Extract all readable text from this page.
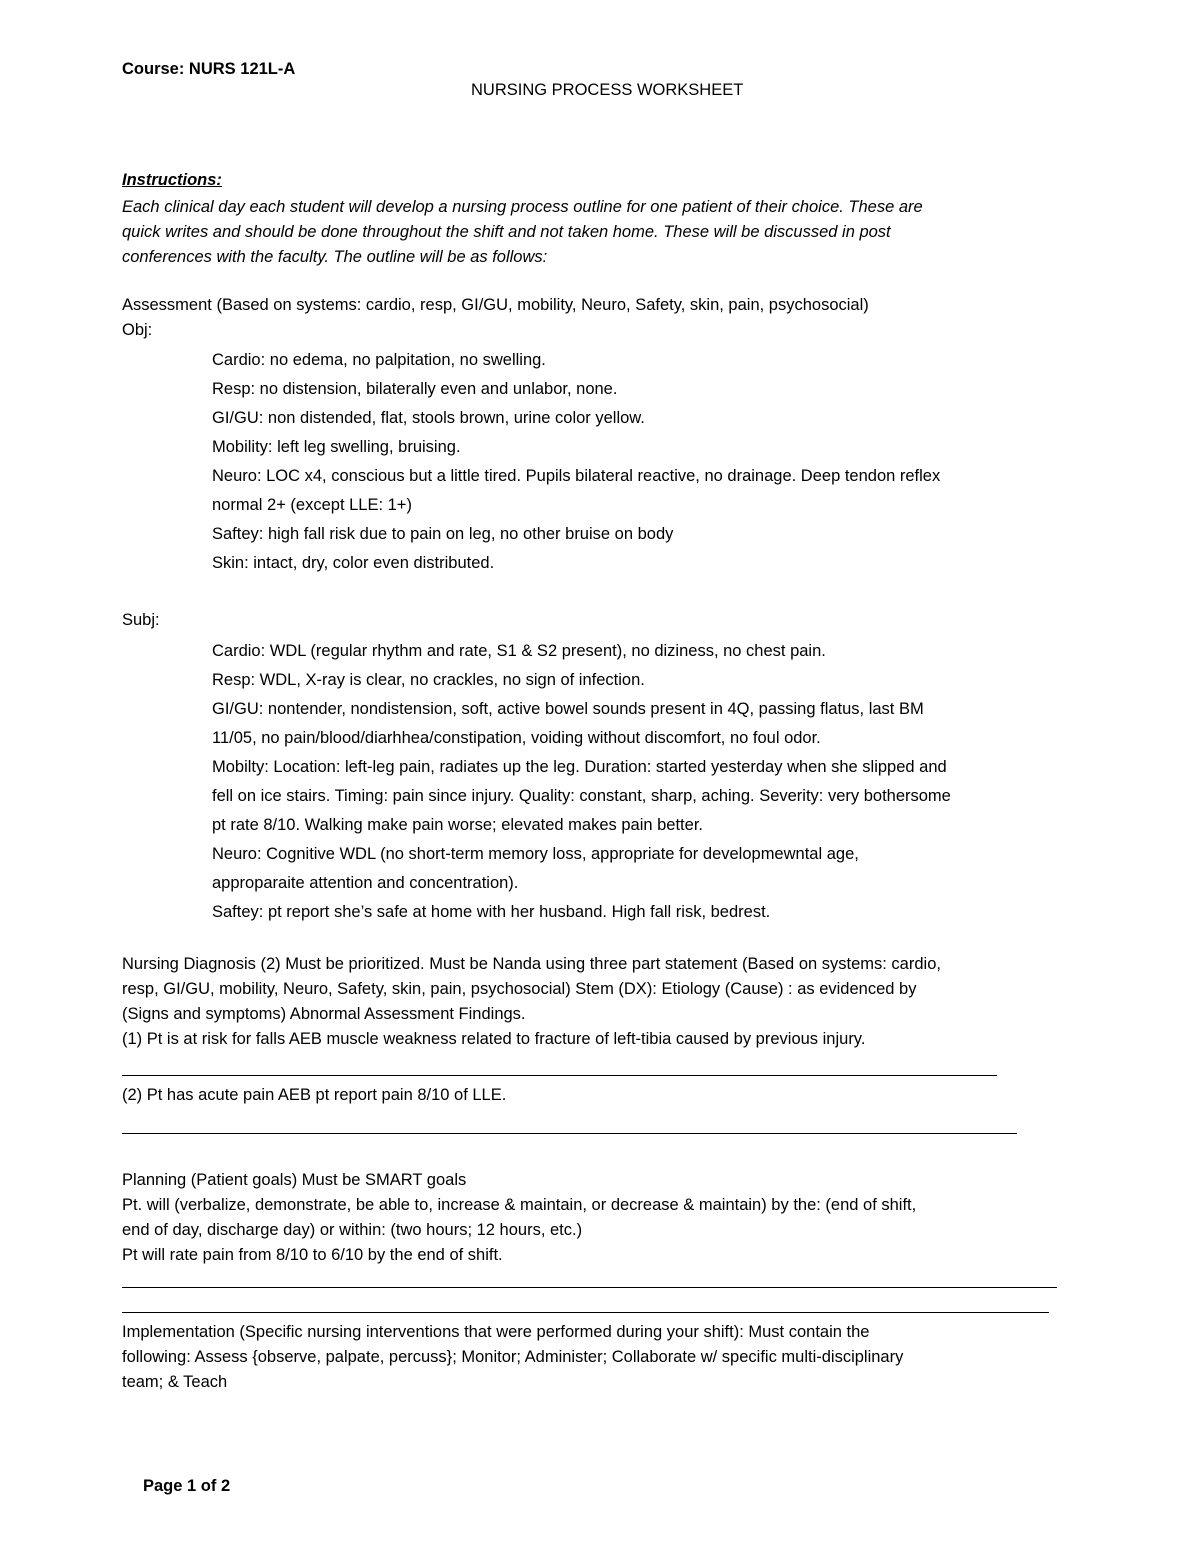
Course: NURS 121L-A
NURSING PROCESS WORKSHEET
Instructions:
Each clinical day each student will develop a nursing process outline for one patient of their choice. These are
quick writes and should be done throughout the shift and not taken home. These will be discussed in post
conferences with the faculty. The outline will be as follows:
Assessment (Based on systems: cardio, resp, GI/GU, mobility, Neuro, Safety, skin, pain, psychosocial)
Obj:
Cardio: no edema, no palpitation, no swelling.
Resp: no distension, bilaterally even and unlabor, none.
GI/GU: non distended, flat, stools brown, urine color yellow.
Mobility: left leg swelling, bruising.
Neuro: LOC x4, conscious but a little tired. Pupils bilateral reactive, no drainage. Deep tendon reflex
normal 2+ (except LLE: 1+)
Saftey: high fall risk due to pain on leg, no other bruise on body
Skin: intact, dry, color even distributed.
Subj:
Cardio: WDL (regular rhythm and rate, S1 & S2 present), no diziness, no chest pain.
Resp: WDL, X-ray is clear, no crackles, no sign of infection.
GI/GU: nontender, nondistension, soft, active bowel sounds present in 4Q, passing flatus, last BM
11/05, no pain/blood/diarhhea/constipation, voiding without discomfort, no foul odor.
Mobilty: Location: left-leg pain, radiates up the leg. Duration: started yesterday when she slipped and
fell on ice stairs. Timing: pain since injury. Quality: constant, sharp, aching. Severity: very bothersome
pt rate 8/10. Walking make pain worse; elevated makes pain better.
Neuro: Cognitive WDL (no short-term memory loss, appropriate for developmewntal age,
approparaite attention and concentration).
Saftey: pt report she’s safe at home with her husband. High fall risk, bedrest.
Nursing Diagnosis (2) Must be prioritized. Must be Nanda using three part statement (Based on systems: cardio,
resp, GI/GU, mobility, Neuro, Safety, skin, pain, psychosocial) Stem (DX): Etiology (Cause) : as evidenced by
(Signs and symptoms) Abnormal Assessment Findings.
(1) Pt is at risk for falls AEB muscle weakness related to fracture of left-tibia caused by previous injury.
(2) Pt has acute pain AEB pt report pain 8/10 of LLE.
Planning (Patient goals) Must be SMART goals
Pt. will (verbalize, demonstrate, be able to, increase & maintain, or decrease & maintain) by the: (end of shift,
end of day, discharge day) or within: (two hours; 12 hours, etc.)
Pt will rate pain from 8/10 to 6/10 by the end of shift.
Implementation (Specific nursing interventions that were performed during your shift): Must contain the
following: Assess {observe, palpate, percuss}; Monitor; Administer; Collaborate w/ specific multi-disciplinary
team; & Teach
Page 1 of 2
